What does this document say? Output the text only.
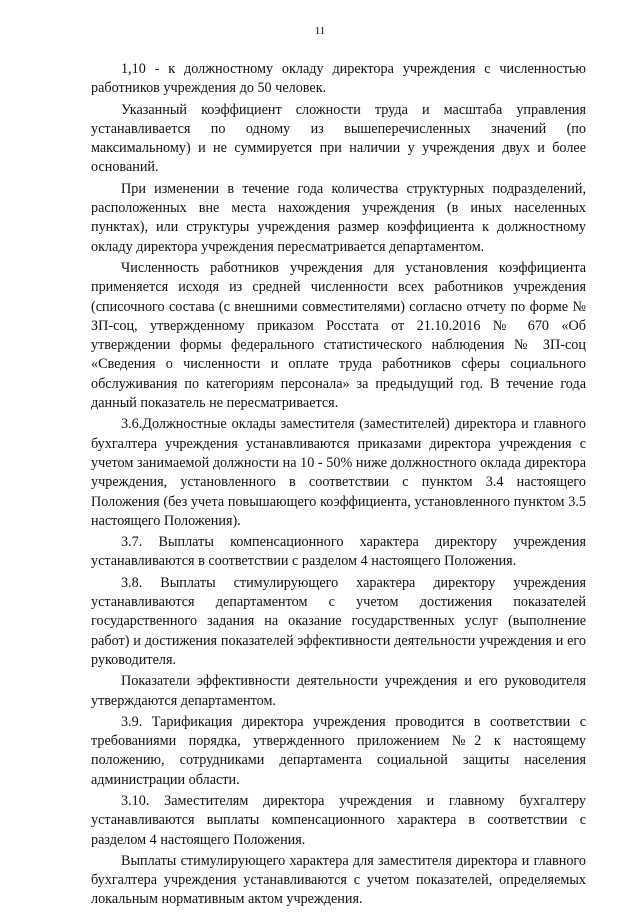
11

1,10 - к должностному окладу директора учреждения с численностью работников учреждения до 50 человек.

Указанный коэффициент сложности труда и масштаба управления устанавливается по одному из вышеперечисленных значений (по максимальному) и не суммируется при наличии у учреждения двух и более оснований.

При изменении в течение года количества структурных подразделений, расположенных вне места нахождения учреждения (в иных населенных пунктах), или структуры учреждения размер коэффициента к должностному окладу директора учреждения пересматривается департаментом.

Численность работников учреждения для установления коэффициента применяется исходя из средней численности всех работников учреждения (списочного состава (с внешними совместителями) согласно отчету по форме № ЗП-соц, утвержденному приказом Росстата от 21.10.2016 № 670 «Об утверждении формы федерального статистического наблюдения № ЗП-соц «Сведения о численности и оплате труда работников сферы социального обслуживания по категориям персонала» за предыдущий год. В течение года данный показатель не пересматривается.

3.6.Должностные оклады заместителя (заместителей) директора и главного бухгалтера учреждения устанавливаются приказами директора учреждения с учетом занимаемой должности на 10 - 50% ниже должностного оклада директора учреждения, установленного в соответствии с пунктом 3.4 настоящего Положения (без учета повышающего коэффициента, установленного пунктом 3.5 настоящего Положения).

3.7. Выплаты компенсационного характера директору учреждения устанавливаются в соответствии с разделом 4 настоящего Положения.

3.8. Выплаты стимулирующего характера директору учреждения устанавливаются департаментом с учетом достижения показателей государственного задания на оказание государственных услуг (выполнение работ) и достижения показателей эффективности деятельности учреждения и его руководителя.

Показатели эффективности деятельности учреждения и его руководителя утверждаются департаментом.

3.9. Тарификация директора учреждения проводится в соответствии с требованиями порядка, утвержденного приложением №2 к настоящему положению, сотрудниками департамента социальной защиты населения администрации области.

3.10. Заместителям директора учреждения и главному бухгалтеру устанавливаются выплаты компенсационного характера в соответствии с разделом 4 настоящего Положения.

Выплаты стимулирующего характера для заместителя директора и главного бухгалтера учреждения устанавливаются с учетом показателей, определяемых локальным нормативным актом учреждения.
